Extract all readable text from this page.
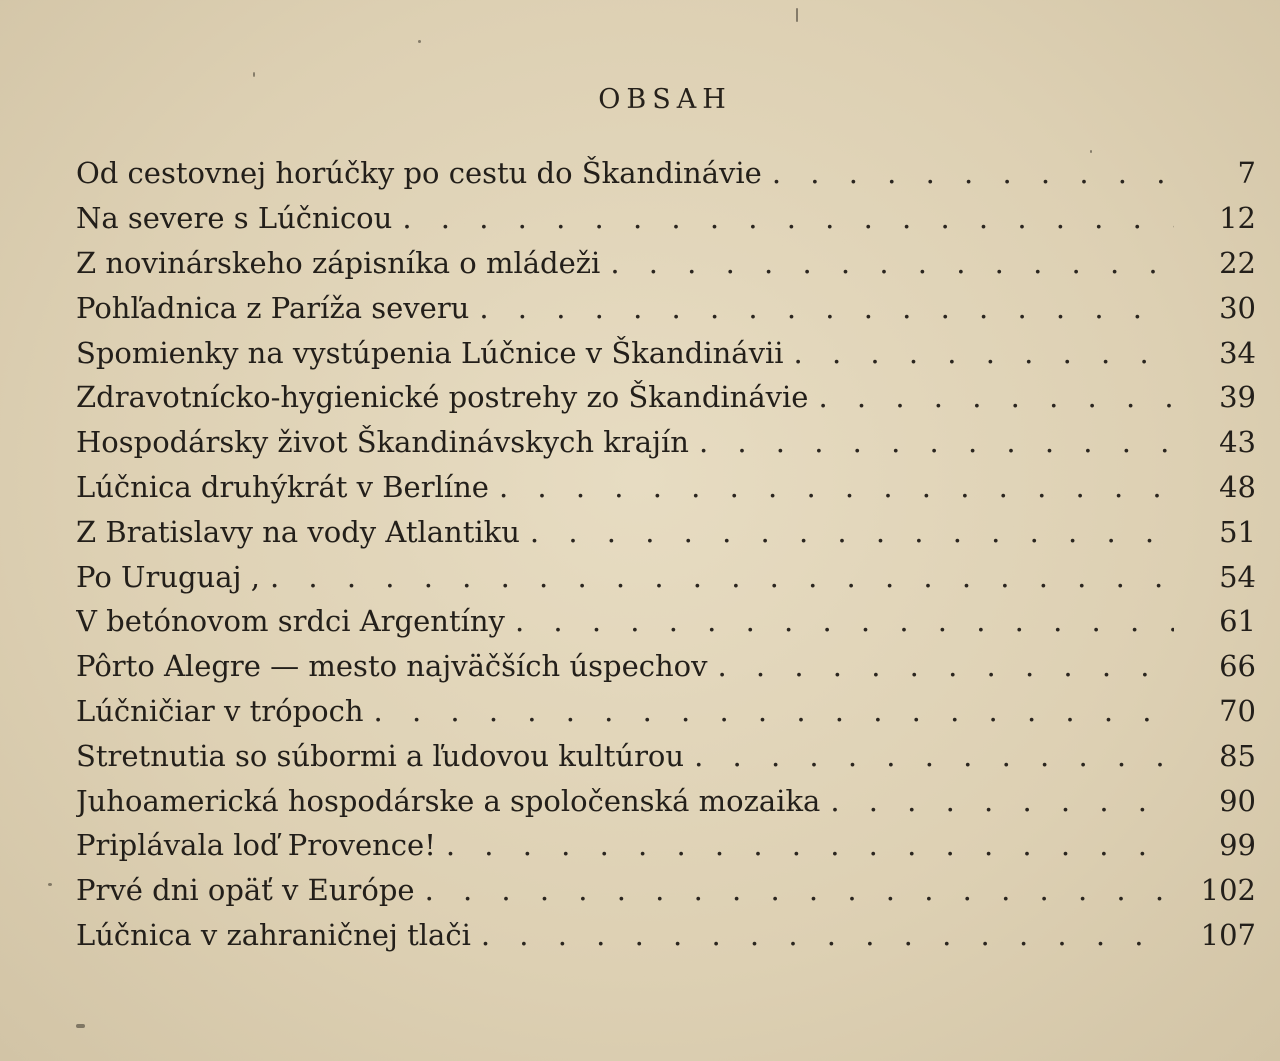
OBSAH
Od cestovnej horúčky po cestu do Škandinávie . . .	7
Na severe s Lúčnicou . . .	12
Z novinárskeho zápisníka o mládeži . . .	22
Pohľadnica z Paríža severu . . .	30
Spomienky na vystúpenia Lúčnice v Škandinávii . . .	34
Zdravotnícko-hygienické postrehy zo Škandinávie . . .	39
Hospodársky život Škandinávskych krajín . . .	43
Lúčnica druhýkrát v Berlíne . . .	48
Z Bratislavy na vody Atlantiku . . .	51
Po Uruguaj , . . .	54
V betónovom srdci Argentíny . . .	61
Pôrto Alegre — mesto najväčších úspechov . . .	66
Lúčničiar v trópoch . . .	70
Stretnutia so súbormi a ľudovou kultúrou . . .	85
Juhoamerická hospodárske a spoločenská mozaika . . .	90
Priplávala loď Provence! . . .	99
Prvé dni opäť v Európe . . .	102
Lúčnica v zahraničnej tlači . . .	107
